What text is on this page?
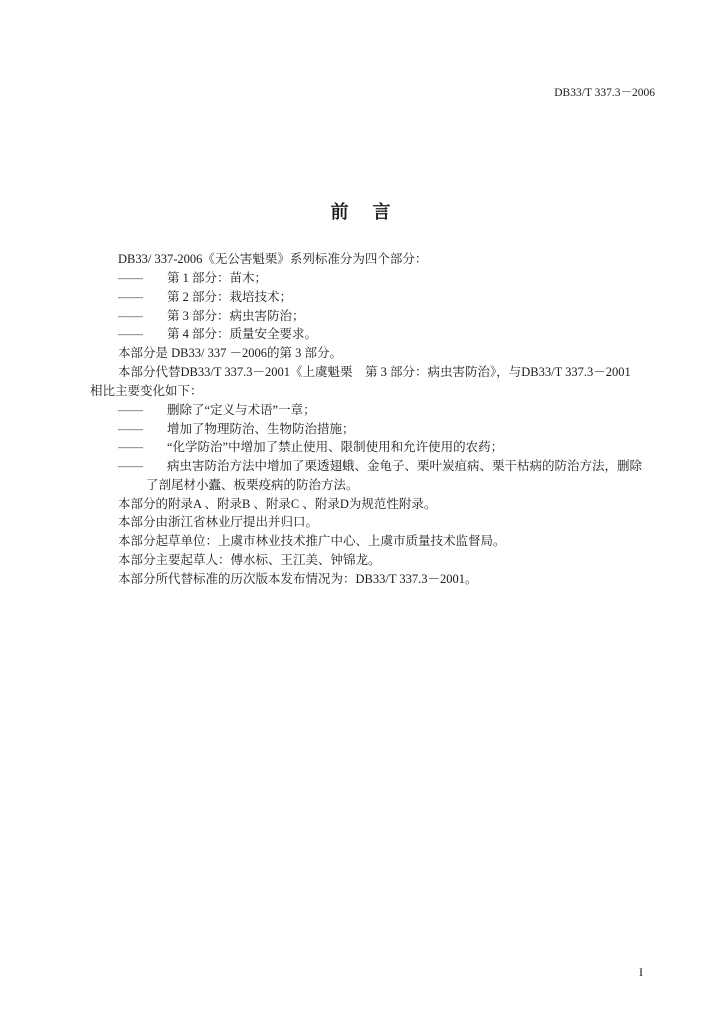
DB33/T 337.3－2006
前　言
DB33/ 337-2006《无公害魁栗》系列标准分为四个部分：
—— 第 1 部分：苗木；
—— 第 2 部分：栽培技术；
—— 第 3 部分：病虫害防治；
—— 第 4 部分：质量安全要求。
本部分是 DB33/ 337 －2006的第 3 部分。
本部分代替DB33/T 337.3－2001《上虞魁栗　第 3 部分：病虫害防治》，与DB33/T 337.3－2001
相比主要变化如下：
—— 删除了“定义与术语”一章；
—— 增加了物理防治、生物防治措施；
—— “化学防治”中增加了禁止使用、限制使用和允许使用的农药；
—— 病虫害防治方法中增加了栗透翅蛾、金龟子、栗叶炭疽病、栗干枯病的防治方法，删除
了剖尾材小蠹、板栗疫病的防治方法。
本部分的附录A 、附录B 、附录C 、附录D为规范性附录。
本部分由浙江省林业厅提出并归口。
本部分起草单位：上虞市林业技术推广中心、上虞市质量技术监督局。
本部分主要起草人：傅水标、王江美、钟锦龙。
本部分所代替标准的历次版本发布情况为：DB33/T 337.3－2001。
I
